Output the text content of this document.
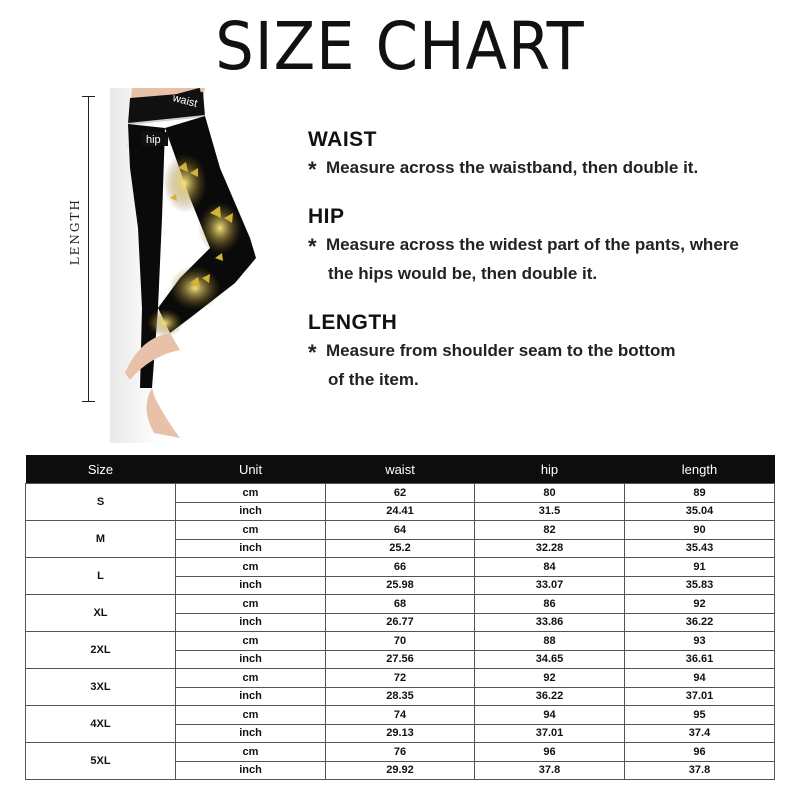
SIZE CHART
LENGTH
waist
hip	WAIST

* Measure across the waistband, then double it.

HIP

* Measure across the widest part of the pants, where

the hips would be, then double it.

LENGTH

* Measure from shoulder seam to the bottom

of the item.

Size	Unit	waist	hip	length
S	cm	62	80	89
	inch	24.41	31.5	35.04
M	cm	64	82	90
	inch	25.2	32.28	35.43
L	cm	66	84	91
	inch	25.98	33.07	35.83
XL	cm	68	86	92
	inch	26.77	33.86	36.22
2XL	cm	70	88	93
	inch	27.56	34.65	36.61
3XL	cm	72	92	94
	inch	28.35	36.22	37.01
4XL	cm	74	94	95
	inch	29.13	37.01	37.4
5XL	cm	76	96	96
	inch	29.92	37.8	37.8
